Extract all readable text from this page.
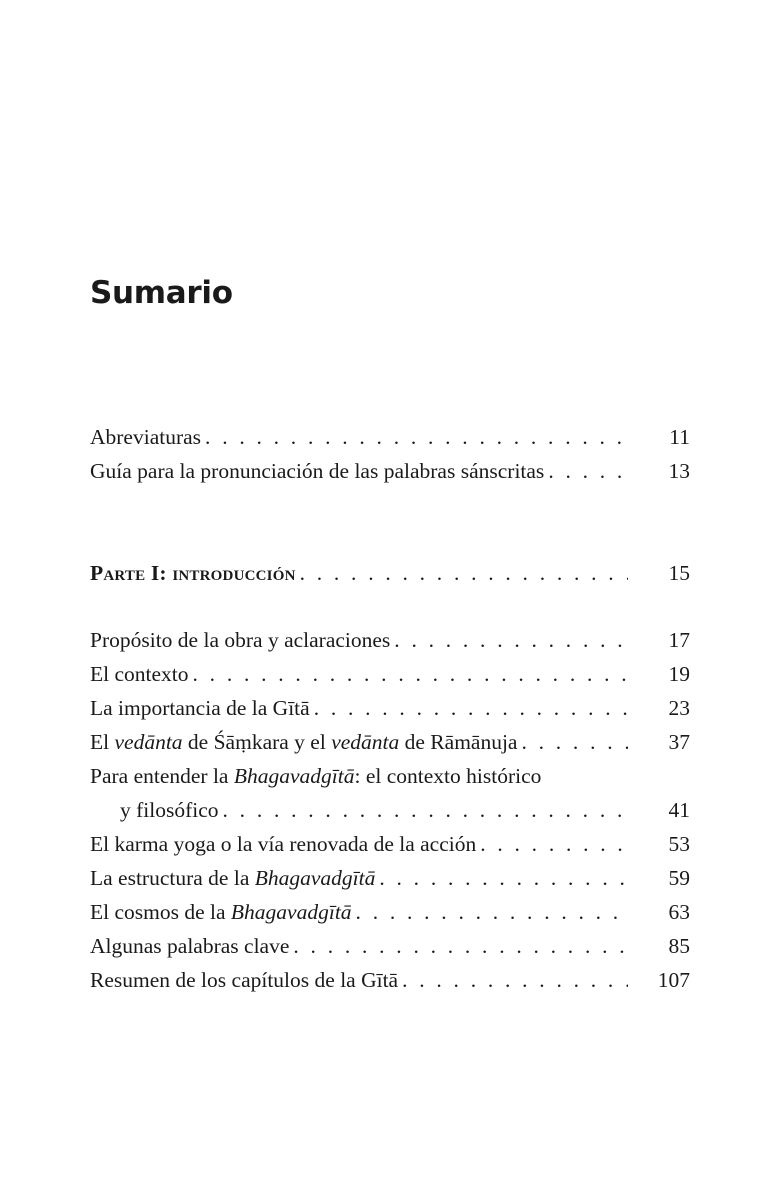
Sumario
Abreviaturas . . .	11
Guía para la pronunciación de las palabras sánscritas . . .	13
Parte I: introducción . . .	15
Propósito de la obra y aclaraciones . . .	17
El contexto . . .	19
La importancia de la Gītā . . .	23
El vedānta de Śāṃkara y el vedānta de Rāmānuja . . .	37
Para entender la Bhagavadgītā: el contexto histórico
y filosófico . . .	41
El karma yoga o la vía renovada de la acción . . .	53
La estructura de la Bhagavadgītā . . .	59
El cosmos de la Bhagavadgītā . . .	63
Algunas palabras clave . . .	85
Resumen de los capítulos de la Gītā . . .	107
